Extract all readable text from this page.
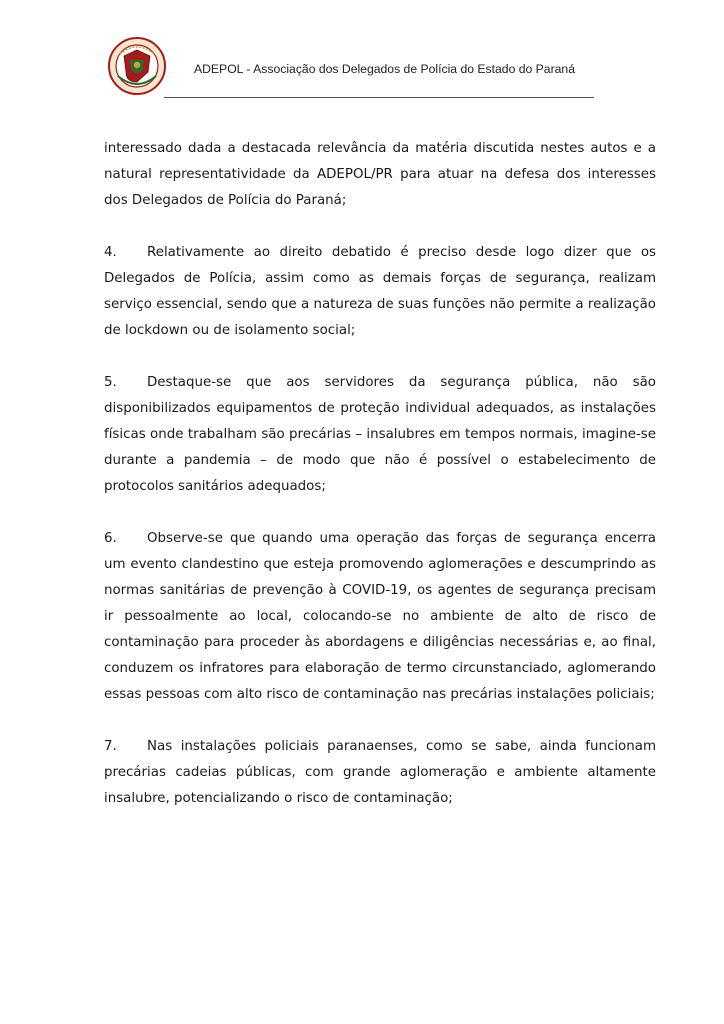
ADEPOL - Associação dos Delegados de Polícia do Estado do Paraná

interessado dada a destacada relevância da matéria discutida nestes autos e a natural representatividade da ADEPOL/PR para atuar na defesa dos interesses dos Delegados de Polícia do Paraná;

4. Relativamente ao direito debatido é preciso desde logo dizer que os Delegados de Polícia, assim como as demais forças de segurança, realizam serviço essencial, sendo que a natureza de suas funções não permite a realização de lockdown ou de isolamento social;

5. Destaque-se que aos servidores da segurança pública, não são disponibilizados equipamentos de proteção individual adequados, as instalações físicas onde trabalham são precárias – insalubres em tempos normais, imagine-se durante a pandemia – de modo que não é possível o estabelecimento de protocolos sanitários adequados;

6. Observe-se que quando uma operação das forças de segurança encerra um evento clandestino que esteja promovendo aglomerações e descumprindo as normas sanitárias de prevenção à COVID-19, os agentes de segurança precisam ir pessoalmente ao local, colocando-se no ambiente de alto de risco de contaminação para proceder às abordagens e diligências necessárias e, ao final, conduzem os infratores para elaboração de termo circunstanciado, aglomerando essas pessoas com alto risco de contaminação nas precárias instalações policiais;

7. Nas instalações policiais paranaenses, como se sabe, ainda funcionam precárias cadeias públicas, com grande aglomeração e ambiente altamente insalubre, potencializando o risco de contaminação;
